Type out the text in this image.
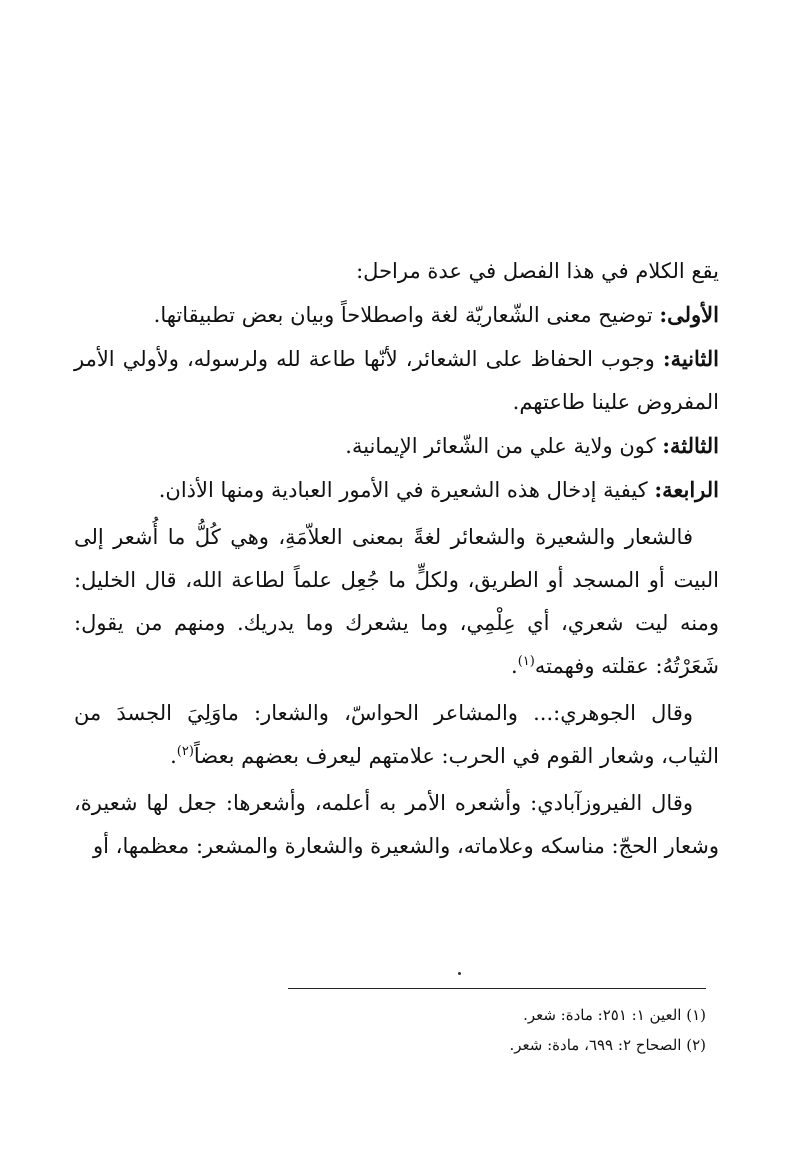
يقع الكلام في هذا الفصل في عدة مراحل:

الأولى: توضيح معنى الشّعاريّة لغة واصطلاحاً وبيان بعض تطبيقاتها.

الثانية: وجوب الحفاظ على الشعائر، لأنّها طاعة لله ولرسوله، ولأولي الأمر المفروض علينا طاعتهم.

الثالثة: كون ولاية علي من الشّعائر الإيمانية.

الرابعة: كيفية إدخال هذه الشعيرة في الأمور العبادية ومنها الأذان.

فالشعار والشعيرة والشعائر لغةً بمعنى العلاّمَةِ، وهي كُلُّ ما أُشعر إلى البيت أو المسجد أو الطريق، ولكلٍّ ما جُعِل علماً لطاعة الله، قال الخليل: ومنه ليت شعري، أي عِلْمِي، وما يشعرك وما يدريك. ومنهم من يقول: شَعَرْتُهُ: عقلته وفهمته$^{(١)}$.

وقال الجوهري:... والمشاعر الحواسّ، والشعار: ماوَلِيَ الجسدَ من الثياب، وشعار القوم في الحرب: علامتهم ليعرف بعضهم بعضاً$^{(٢)}$.

وقال الفيروزآبادي: وأشعره الأمر به أعلمه، وأشعرها: جعل لها شعيرة، وشعار الحجّ: مناسكه وعلاماته، والشعيرة والشعارة والمشعر: معظمها، أو

(١) العين ١: ٢٥١: مادة: شعر.

(٢) الصحاح ٢: ٦٩٩، مادة: شعر.
